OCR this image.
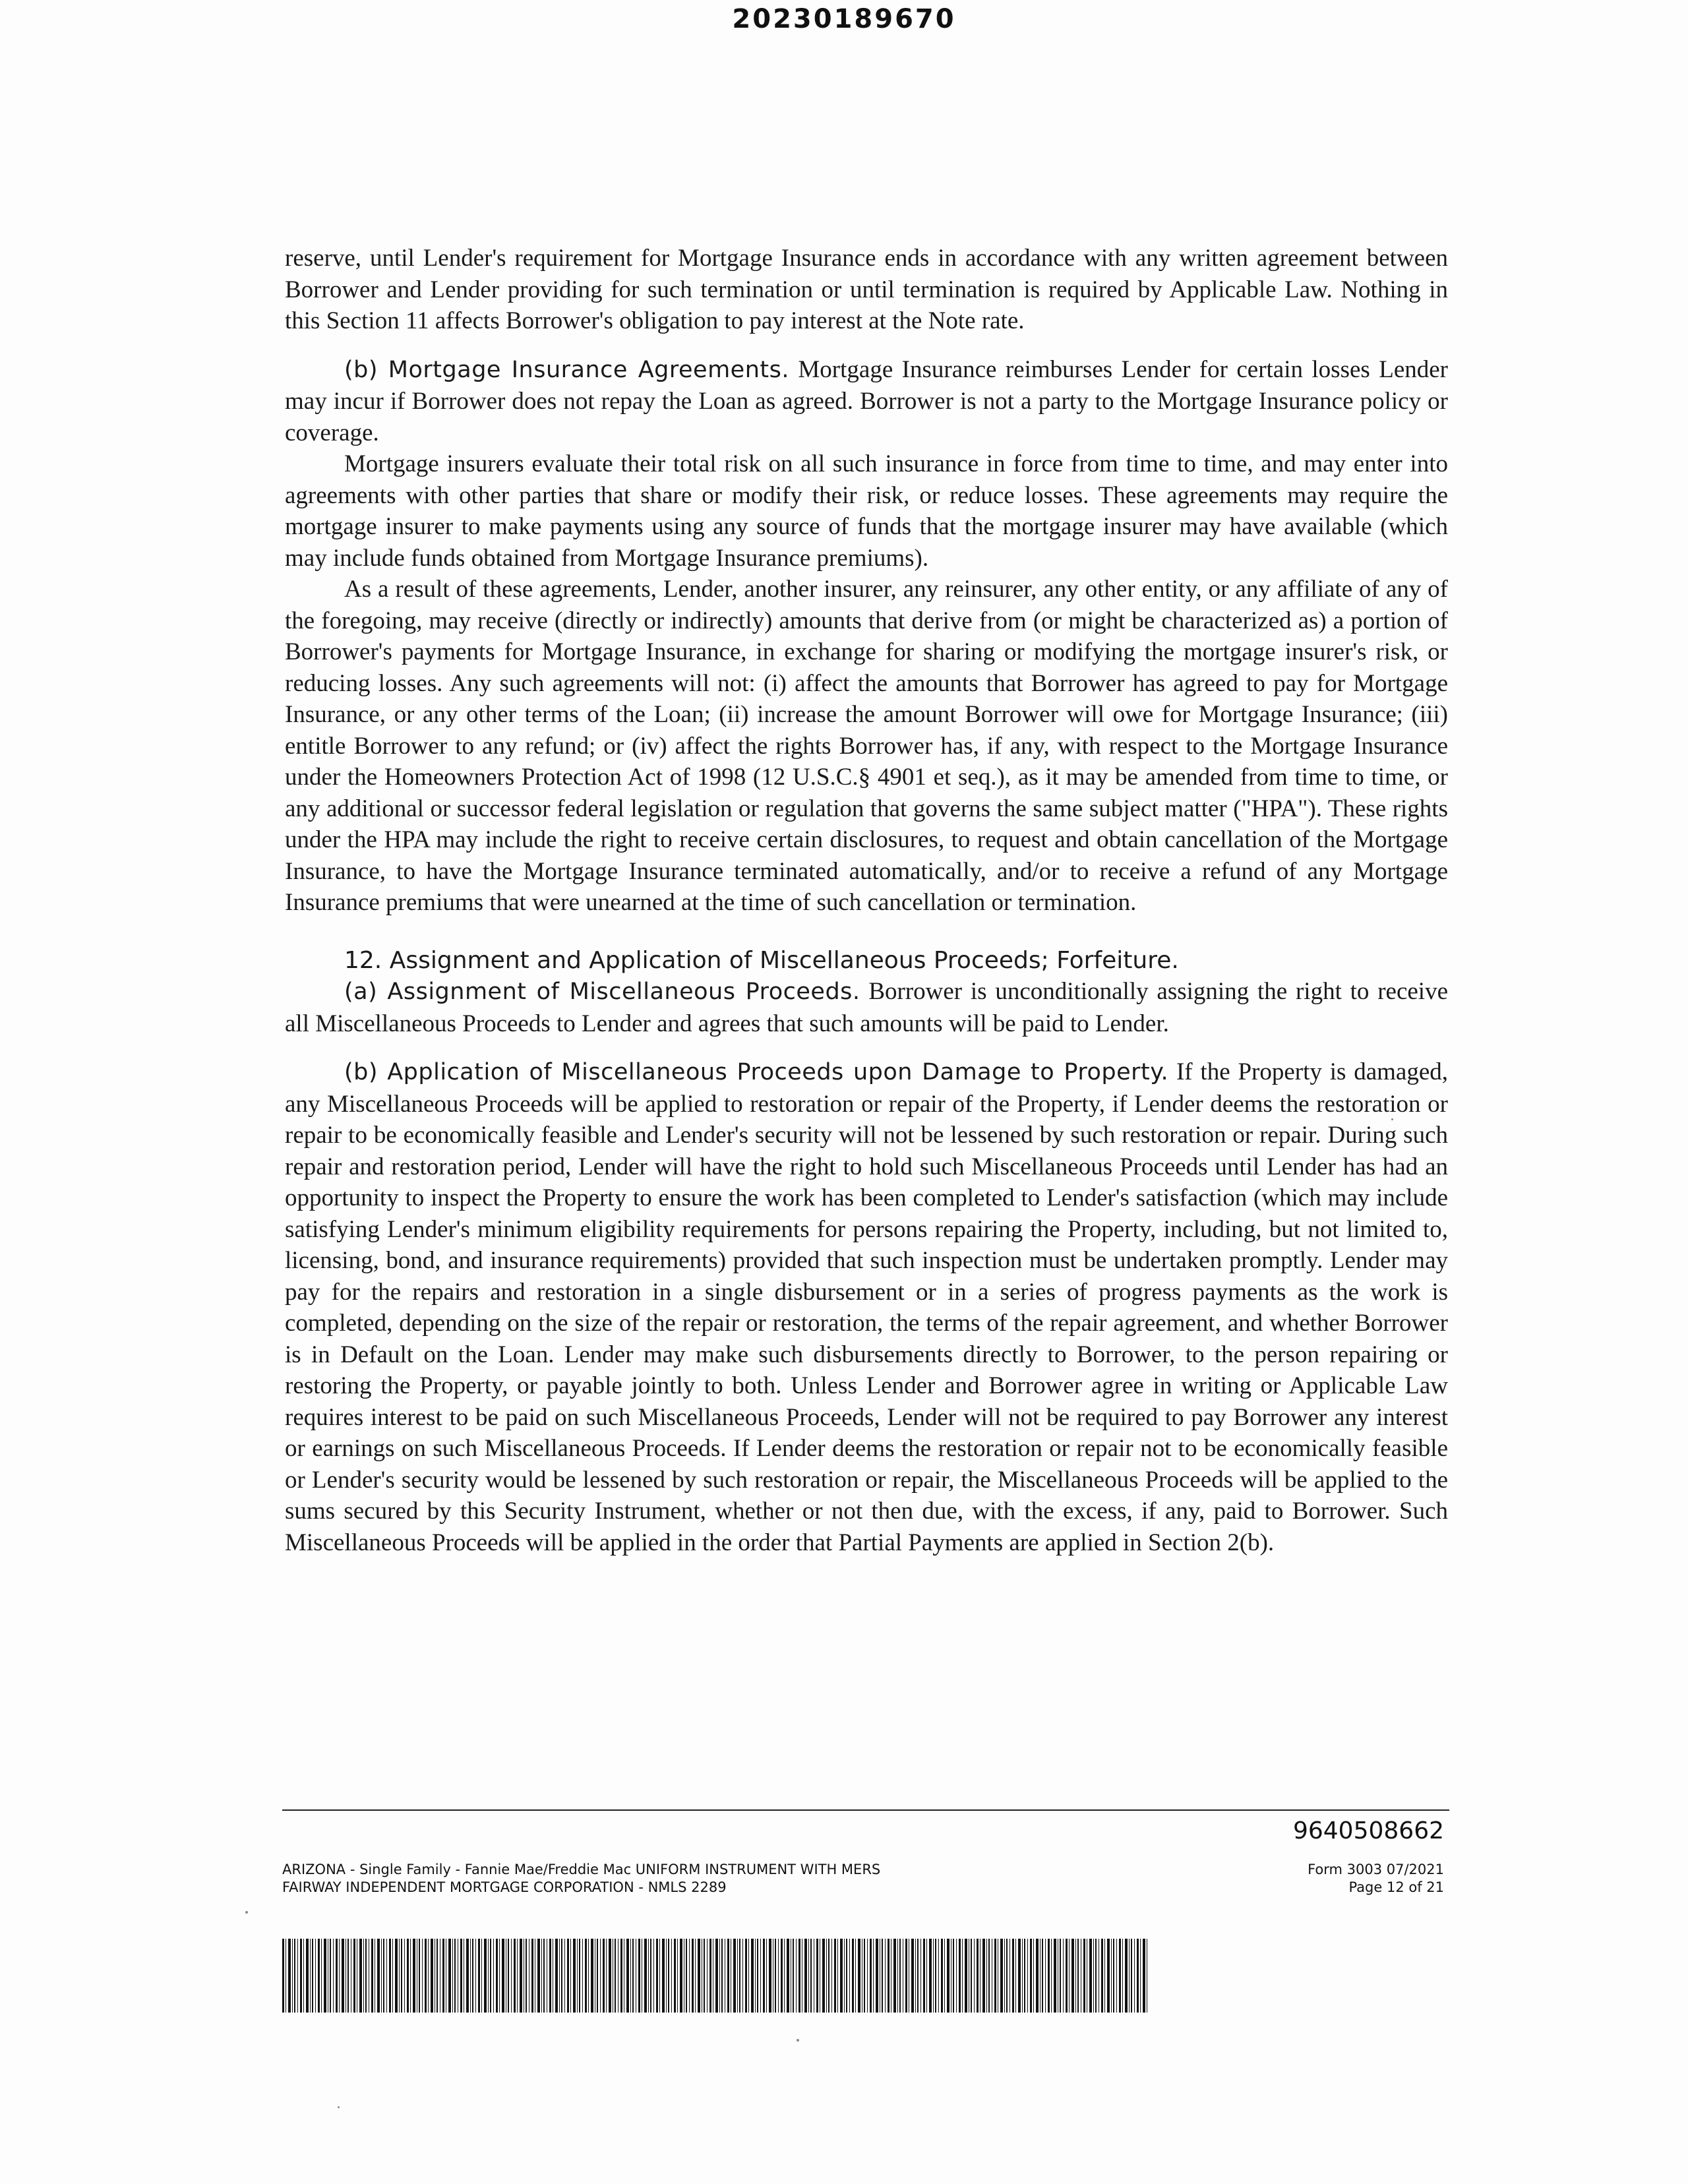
20230189670

reserve, until Lender's requirement for Mortgage Insurance ends in accordance with any written agreement between Borrower and Lender providing for such termination or until termination is required by Applicable Law. Nothing in this Section 11 affects Borrower's obligation to pay interest at the Note rate.

(b) Mortgage Insurance Agreements. Mortgage Insurance reimburses Lender for certain losses Lender may incur if Borrower does not repay the Loan as agreed. Borrower is not a party to the Mortgage Insurance policy or coverage.

Mortgage insurers evaluate their total risk on all such insurance in force from time to time, and may enter into agreements with other parties that share or modify their risk, or reduce losses. These agreements may require the mortgage insurer to make payments using any source of funds that the mortgage insurer may have available (which may include funds obtained from Mortgage Insurance premiums).

As a result of these agreements, Lender, another insurer, any reinsurer, any other entity, or any affiliate of any of the foregoing, may receive (directly or indirectly) amounts that derive from (or might be characterized as) a portion of Borrower's payments for Mortgage Insurance, in exchange for sharing or modifying the mortgage insurer's risk, or reducing losses. Any such agreements will not: (i) affect the amounts that Borrower has agreed to pay for Mortgage Insurance, or any other terms of the Loan; (ii) increase the amount Borrower will owe for Mortgage Insurance; (iii) entitle Borrower to any refund; or (iv) affect the rights Borrower has, if any, with respect to the Mortgage Insurance under the Homeowners Protection Act of 1998 (12 U.S.C.§ 4901 et seq.), as it may be amended from time to time, or any additional or successor federal legislation or regulation that governs the same subject matter ("HPA"). These rights under the HPA may include the right to receive certain disclosures, to request and obtain cancellation of the Mortgage Insurance, to have the Mortgage Insurance terminated automatically, and/or to receive a refund of any Mortgage Insurance premiums that were unearned at the time of such cancellation or termination.

12. Assignment and Application of Miscellaneous Proceeds; Forfeiture.

(a) Assignment of Miscellaneous Proceeds. Borrower is unconditionally assigning the right to receive all Miscellaneous Proceeds to Lender and agrees that such amounts will be paid to Lender.

(b) Application of Miscellaneous Proceeds upon Damage to Property. If the Property is damaged, any Miscellaneous Proceeds will be applied to restoration or repair of the Property, if Lender deems the restoration or repair to be economically feasible and Lender's security will not be lessened by such restoration or repair. During such repair and restoration period, Lender will have the right to hold such Miscellaneous Proceeds until Lender has had an opportunity to inspect the Property to ensure the work has been completed to Lender's satisfaction (which may include satisfying Lender's minimum eligibility requirements for persons repairing the Property, including, but not limited to, licensing, bond, and insurance requirements) provided that such inspection must be undertaken promptly. Lender may pay for the repairs and restoration in a single disbursement or in a series of progress payments as the work is completed, depending on the size of the repair or restoration, the terms of the repair agreement, and whether Borrower is in Default on the Loan. Lender may make such disbursements directly to Borrower, to the person repairing or restoring the Property, or payable jointly to both. Unless Lender and Borrower agree in writing or Applicable Law requires interest to be paid on such Miscellaneous Proceeds, Lender will not be required to pay Borrower any interest or earnings on such Miscellaneous Proceeds. If Lender deems the restoration or repair not to be economically feasible or Lender's security would be lessened by such restoration or repair, the Miscellaneous Proceeds will be applied to the sums secured by this Security Instrument, whether or not then due, with the excess, if any, paid to Borrower. Such Miscellaneous Proceeds will be applied in the order that Partial Payments are applied in Section 2(b).

9640508662
ARIZONA - Single Family - Fannie Mae/Freddie Mac UNIFORM INSTRUMENT WITH MERS
FAIRWAY INDEPENDENT MORTGAGE CORPORATION - NMLS 2289
Form 3003 07/2021
Page 12 of 21
